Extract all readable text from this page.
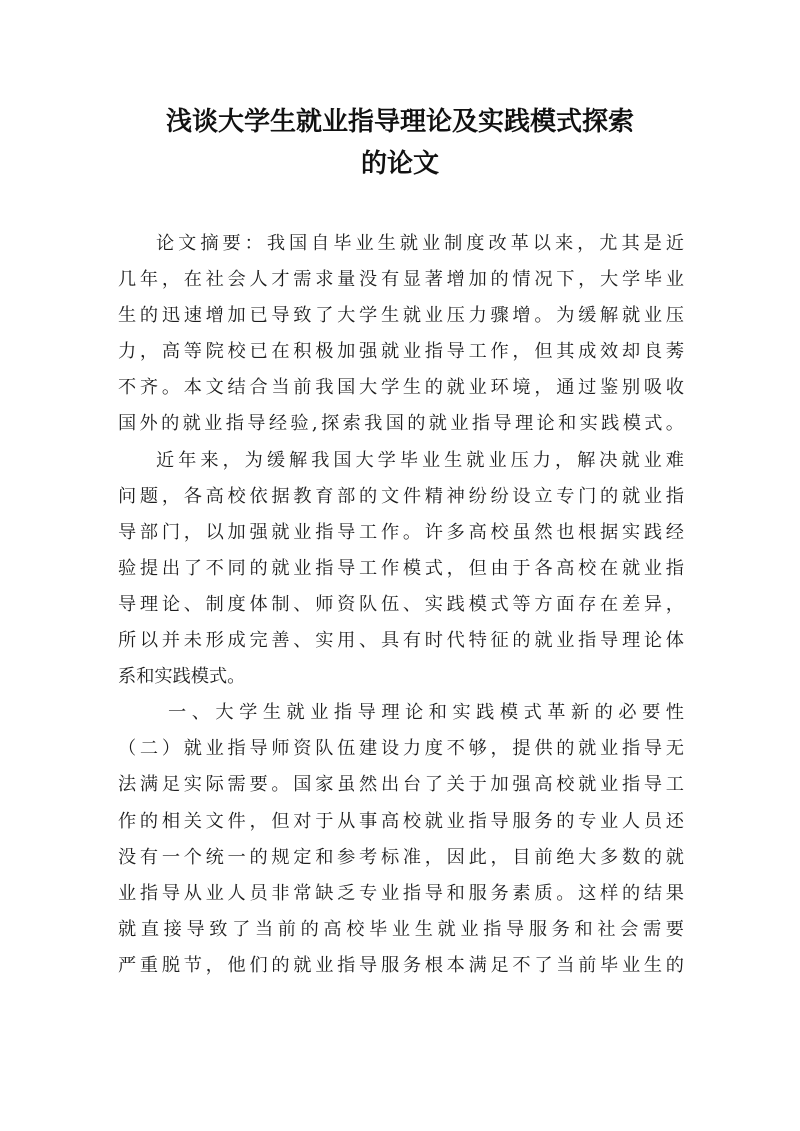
浅谈大学生就业指导理论及实践模式探索
的论文
论文摘要：我国自毕业生就业制度改革以来，尤其是近
几年，在社会人才需求量没有显著增加的情况下，大学毕业
生的迅速增加已导致了大学生就业压力骤增。为缓解就业压
力，高等院校已在积极加强就业指导工作，但其成效却良莠
不齐。本文结合当前我国大学生的就业环境，通过鉴别吸收
国外的就业指导经验,探索我国的就业指导理论和实践模式。
近年来，为缓解我国大学毕业生就业压力，解决就业难
问题，各高校依据教育部的文件精神纷纷设立专门的就业指
导部门，以加强就业指导工作。许多高校虽然也根据实践经
验提出了不同的就业指导工作模式，但由于各高校在就业指
导理论、制度体制、师资队伍、实践模式等方面存在差异，
所以并未形成完善、实用、具有时代特征的就业指导理论体
系和实践模式。
一、大学生就业指导理论和实践模式革新的必要性
（二）就业指导师资队伍建设力度不够，提供的就业指导无
法满足实际需要。国家虽然出台了关于加强高校就业指导工
作的相关文件，但对于从事高校就业指导服务的专业人员还
没有一个统一的规定和参考标准，因此，目前绝大多数的就
业指导从业人员非常缺乏专业指导和服务素质。这样的结果
就直接导致了当前的高校毕业生就业指导服务和社会需要
严重脱节，他们的就业指导服务根本满足不了当前毕业生的
